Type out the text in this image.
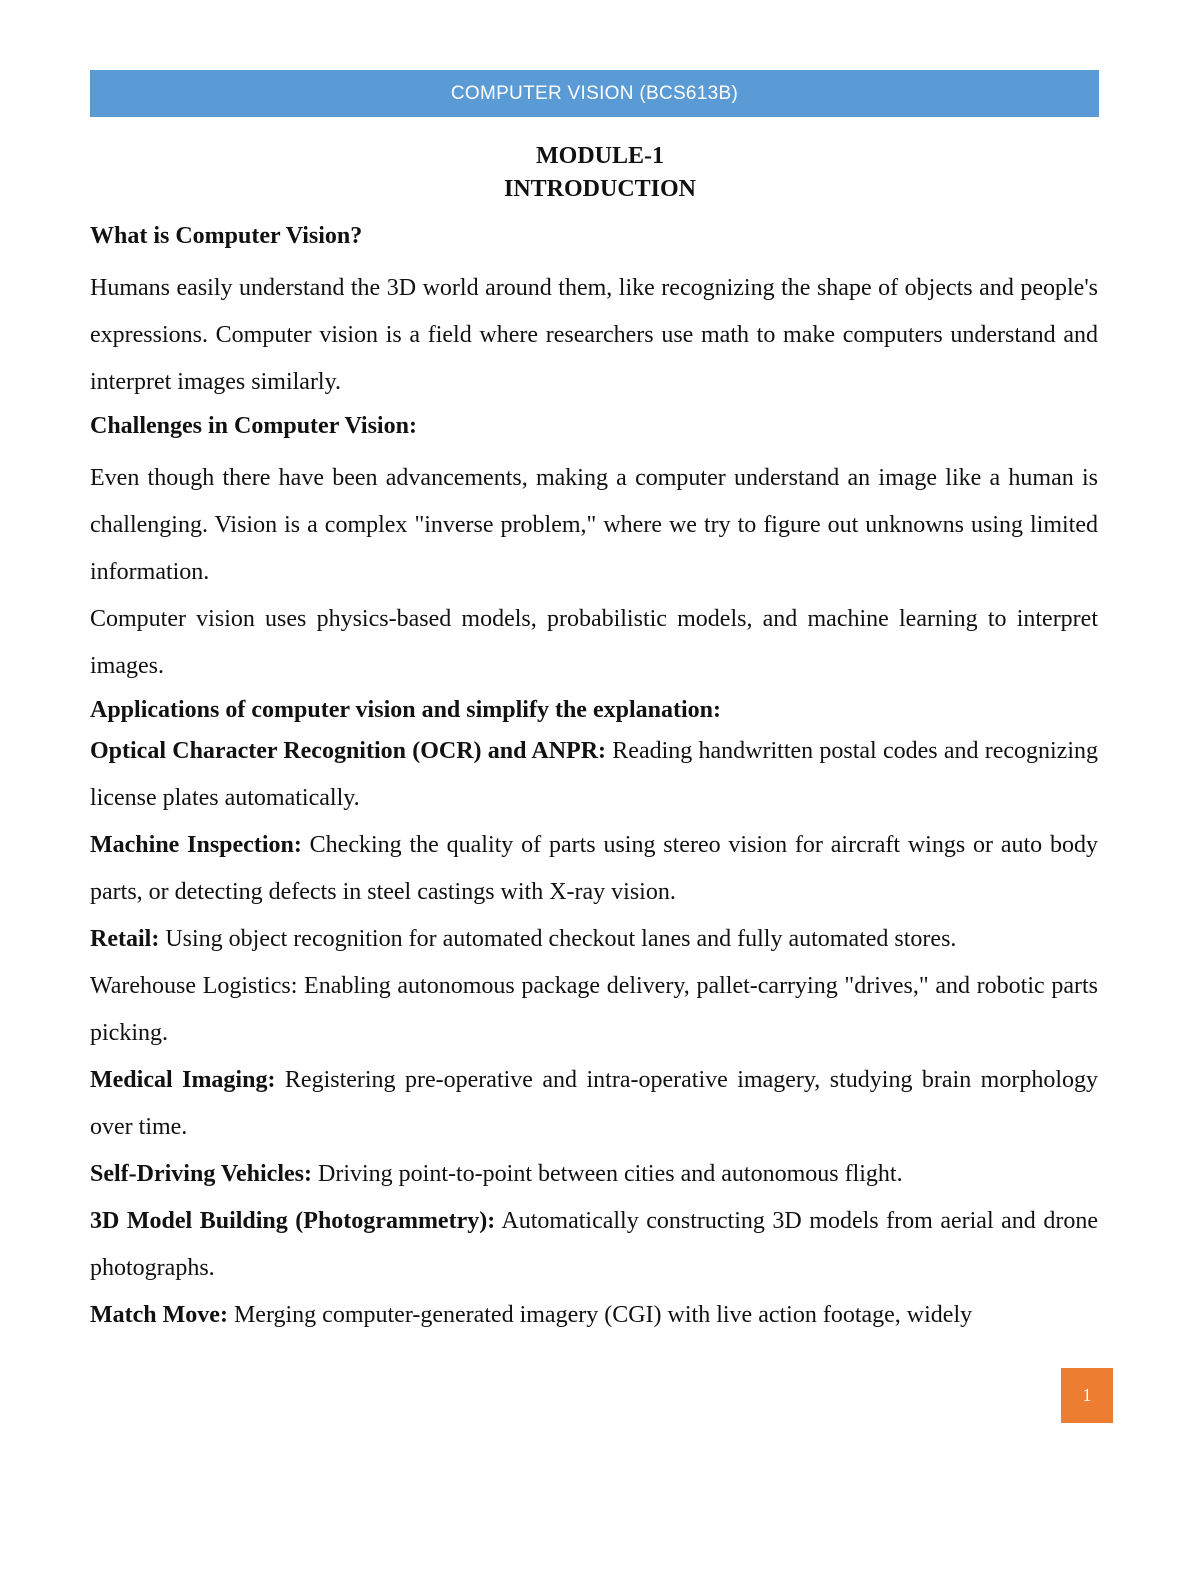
COMPUTER VISION (BCS613B)
MODULE-1
INTRODUCTION
What is Computer Vision?

Humans easily understand the 3D world around them, like recognizing the shape of objects and people's expressions. Computer vision is a field where researchers use math to make computers understand and interpret images similarly.

Challenges in Computer Vision:

Even though there have been advancements, making a computer understand an image like a human is challenging. Vision is a complex "inverse problem," where we try to figure out unknowns using limited information.

Computer vision uses physics-based models, probabilistic models, and machine learning to interpret images.

Applications of computer vision and simplify the explanation:

Optical Character Recognition (OCR) and ANPR: Reading handwritten postal codes and recognizing license plates automatically.

Machine Inspection: Checking the quality of parts using stereo vision for aircraft wings or auto body parts, or detecting defects in steel castings with X-ray vision.

Retail: Using object recognition for automated checkout lanes and fully automated stores.

Warehouse Logistics: Enabling autonomous package delivery, pallet-carrying "drives," and robotic parts picking.

Medical Imaging: Registering pre-operative and intra-operative imagery, studying brain morphology over time.

Self-Driving Vehicles: Driving point-to-point between cities and autonomous flight.

3D Model Building (Photogrammetry): Automatically constructing 3D models from aerial and drone photographs.

Match Move: Merging computer-generated imagery (CGI) with live action footage, widely

1
